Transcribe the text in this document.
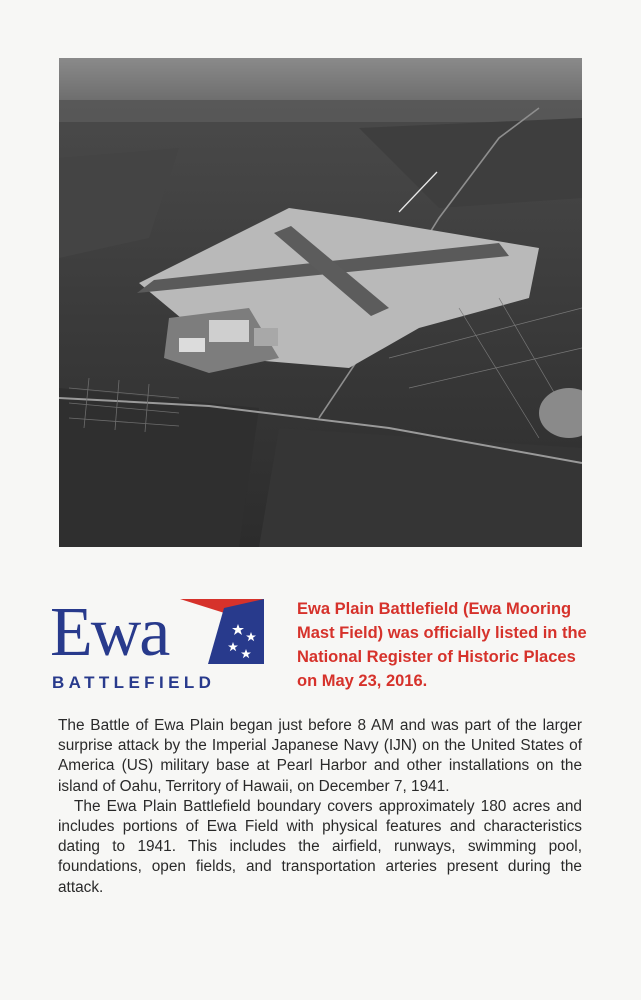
Ewa
BATTLEFIELD
Ewa Plain Battlefield (Ewa Mooring Mast Field) was officially listed in the National Register of Historic Places on May 23, 2016.

The Battle of Ewa Plain began just before 8 AM and was part of the larger surprise attack by the Imperial Japanese Navy (IJN) on the United States of America (US) military base at Pearl Harbor and other installations on the island of Oahu, Territory of Hawaii, on December 7, 1941.

The Ewa Plain Battlefield boundary covers approximately 180 acres and includes portions of Ewa Field with physical features and characteristics dating to 1941. This includes the airfield, runways, swimming pool, foundations, open fields, and transportation arteries present during the attack.
